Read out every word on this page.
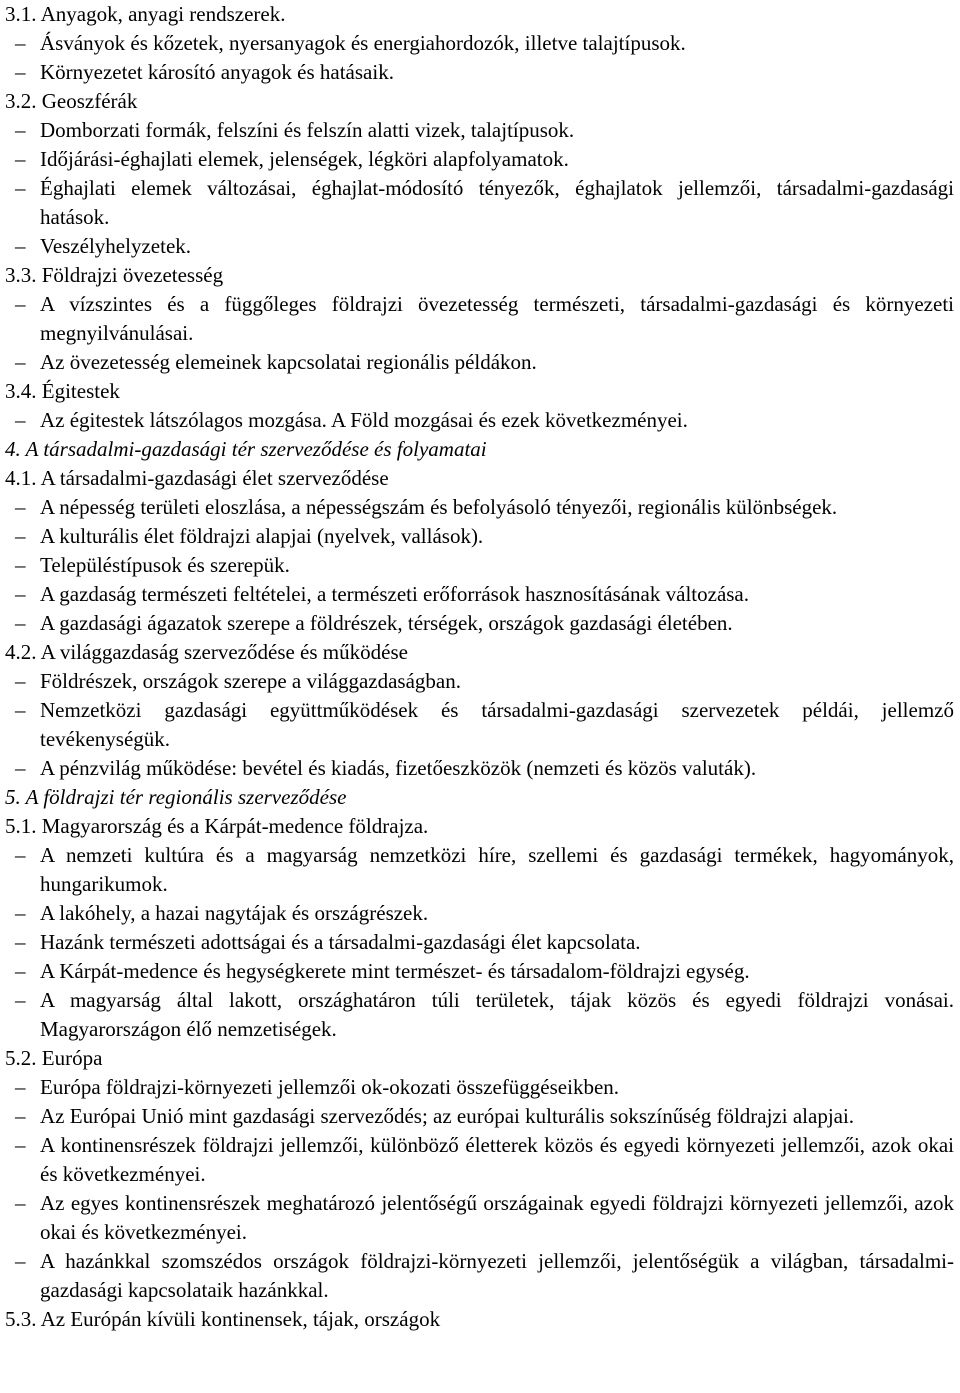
3.1. Anyagok, anyagi rendszerek.
– Ásványok és kőzetek, nyersanyagok és energiahordozók, illetve talajtípusok.
– Környezetet károsító anyagok és hatásaik.
3.2. Geoszférák
– Domborzati formák, felszíni és felszín alatti vizek, talajtípusok.
– Időjárási-éghajlati elemek, jelenségek, légköri alapfolyamatok.
– Éghajlati elemek változásai, éghajlat-módosító tényezők, éghajlatok jellemzői, társadalmi-gazdasági hatások.
– Veszélyhelyzetek.
3.3. Földrajzi övezetesség
– A vízszintes és a függőleges földrajzi övezetesség természeti, társadalmi-gazdasági és környezeti megnyilvánulásai.
– Az övezetesség elemeinek kapcsolatai regionális példákon.
3.4. Égitestek
– Az égitestek látszólagos mozgása. A Föld mozgásai és ezek következményei.
4. A társadalmi-gazdasági tér szerveződése és folyamatai
4.1. A társadalmi-gazdasági élet szerveződése
– A népesség területi eloszlása, a népességszám és befolyásoló tényezői, regionális különbségek.
– A kulturális élet földrajzi alapjai (nyelvek, vallások).
– Településtípusok és szerepük.
– A gazdaság természeti feltételei, a természeti erőforrások hasznosításának változása.
– A gazdasági ágazatok szerepe a földrészek, térségek, országok gazdasági életében.
4.2. A világgazdaság szerveződése és működése
– Földrészek, országok szerepe a világgazdaságban.
– Nemzetközi gazdasági együttműködések és társadalmi-gazdasági szervezetek példái, jellemző tevékenységük.
– A pénzvilág működése: bevétel és kiadás, fizetőeszközök (nemzeti és közös valuták).
5. A földrajzi tér regionális szerveződése
5.1. Magyarország és a Kárpát-medence földrajza.
– A nemzeti kultúra és a magyarság nemzetközi híre, szellemi és gazdasági termékek, hagyományok, hungarikumok.
– A lakóhely, a hazai nagytájak és országrészek.
– Hazánk természeti adottságai és a társadalmi-gazdasági élet kapcsolata.
– A Kárpát-medence és hegységkerete mint természet- és társadalom-földrajzi egység.
– A magyarság által lakott, országhatáron túli területek, tájak közös és egyedi földrajzi vonásai. Magyarországon élő nemzetiségek.
5.2. Európa
– Európa földrajzi-környezeti jellemzői ok-okozati összefüggéseikben.
– Az Európai Unió mint gazdasági szerveződés; az európai kulturális sokszínűség földrajzi alapjai.
– A kontinensrészek földrajzi jellemzői, különböző életterek közös és egyedi környezeti jellemzői, azok okai és következményei.
– Az egyes kontinensrészek meghatározó jelentőségű országainak egyedi földrajzi környezeti jellemzői, azok okai és következményei.
– A hazánkkal szomszédos országok földrajzi-környezeti jellemzői, jelentőségük a világban, társadalmi-gazdasági kapcsolataik hazánkkal.
5.3. Az Európán kívüli kontinensek, tájak, országok
